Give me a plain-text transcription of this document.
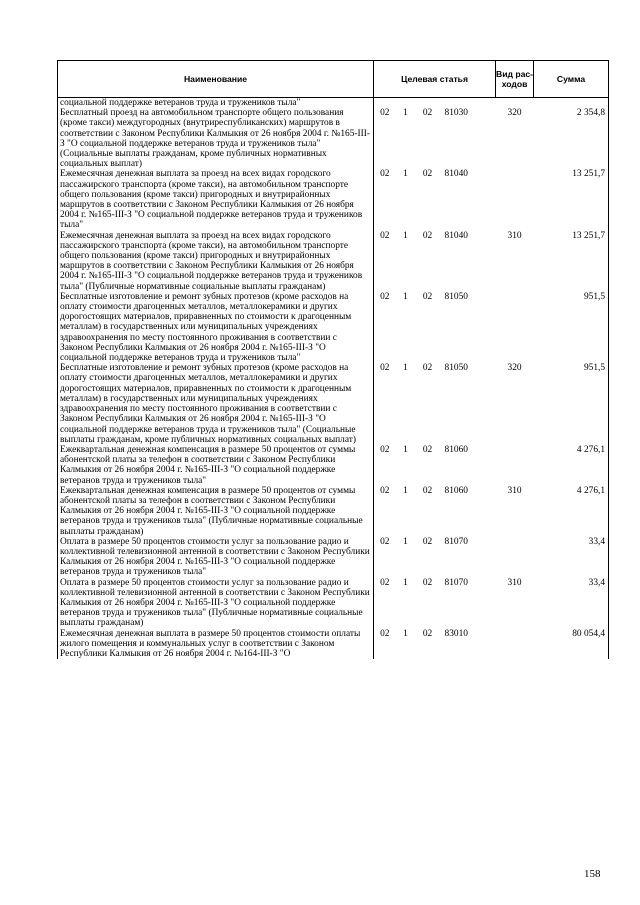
Наименование	Целевая статья				Вид рас-ходов	Сумма
социальной поддержке ветеранов труда и тружеников тыла"						
Бесплатный проезд на автомобильном транспорте общего пользования (кроме такси) междугородных (внутриреспубликанских) маршрутов в соответствии с Законом Республики Калмыкия от 26 ноября 2004 г. №165-III-З "О социальной поддержке ветеранов труда и тружеников тыла" (Социальные выплаты гражданам, кроме публичных нормативных социальных выплат)	02	1	02	81030	320	2 354,8
Ежемесячная денежная выплата за проезд на всех видах городского пассажирского транспорта (кроме такси), на автомобильном транспорте общего пользования (кроме такси) пригородных и внутрирайонных маршрутов в соответствии с Законом Республики Калмыкия от 26 ноября 2004 г. №165-III-З "О социальной поддержке ветеранов труда и тружеников тыла"	02	1	02	81040		13 251,7
Ежемесячная денежная выплата за проезд на всех видах городского пассажирского транспорта (кроме такси), на автомобильном транспорте общего пользования (кроме такси) пригородных и внутрирайонных маршрутов в соответствии с Законом Республики Калмыкия от 26 ноября 2004 г. №165-III-З "О социальной поддержке ветеранов труда и тружеников тыла" (Публичные нормативные социальные выплаты гражданам)	02	1	02	81040	310	13 251,7
Бесплатные изготовление и ремонт зубных протезов (кроме расходов на оплату стоимости драгоценных металлов, металлокерамики и других дорогостоящих материалов, приравненных по стоимости к драгоценным металлам) в государственных или муниципальных учреждениях здравоохранения по месту постоянного проживания в соответствии с Законом Республики Калмыкия от 26 ноября 2004 г. №165-III-З "О социальной поддержке ветеранов труда и тружеников тыла"	02	1	02	81050		951,5
Бесплатные изготовление и ремонт зубных протезов (кроме расходов на оплату стоимости драгоценных металлов, металлокерамики и других дорогостоящих материалов, приравненных по стоимости к драгоценным металлам) в государственных или муниципальных учреждениях здравоохранения по месту постоянного проживания в соответствии с Законом Республики Калмыкия от 26 ноября 2004 г. №165-III-З "О социальной поддержке ветеранов труда и тружеников тыла" (Социальные выплаты гражданам, кроме публичных нормативных социальных выплат)	02	1	02	81050	320	951,5
Ежеквартальная денежная компенсация в размере 50 процентов от суммы абонентской платы за телефон в соответствии с Законом Республики Калмыкия от 26 ноября 2004 г. №165-III-З "О социальной поддержке ветеранов труда и тружеников тыла"	02	1	02	81060		4 276,1
Ежеквартальная денежная компенсация в размере 50 процентов от суммы абонентской платы за телефон в соответствии с Законом Республики Калмыкия от 26 ноября 2004 г. №165-III-З "О социальной поддержке ветеранов труда и тружеников тыла" (Публичные нормативные социальные выплаты гражданам)	02	1	02	81060	310	4 276,1
Оплата в размере 50 процентов стоимости услуг за пользование радио и коллективной телевизионной антенной в соответствии с Законом Республики Калмыкия от 26 ноября 2004 г. №165-III-З "О социальной поддержке ветеранов труда и тружеников тыла"	02	1	02	81070		33,4
Оплата в размере 50 процентов стоимости услуг за пользование радио и коллективной телевизионной антенной в соответствии с Законом Республики Калмыкия от 26 ноября 2004 г. №165-III-З "О социальной поддержке ветеранов труда и тружеников тыла" (Публичные нормативные социальные выплаты гражданам)	02	1	02	81070	310	33,4
Ежемесячная денежная выплата в размере 50 процентов стоимости оплаты жилого помещения и коммунальных услуг в соответствии с Законом Республики Калмыкия от 26 ноября 2004 г. №164-III-З "О	02	1	02	83010		80 054,4
158
